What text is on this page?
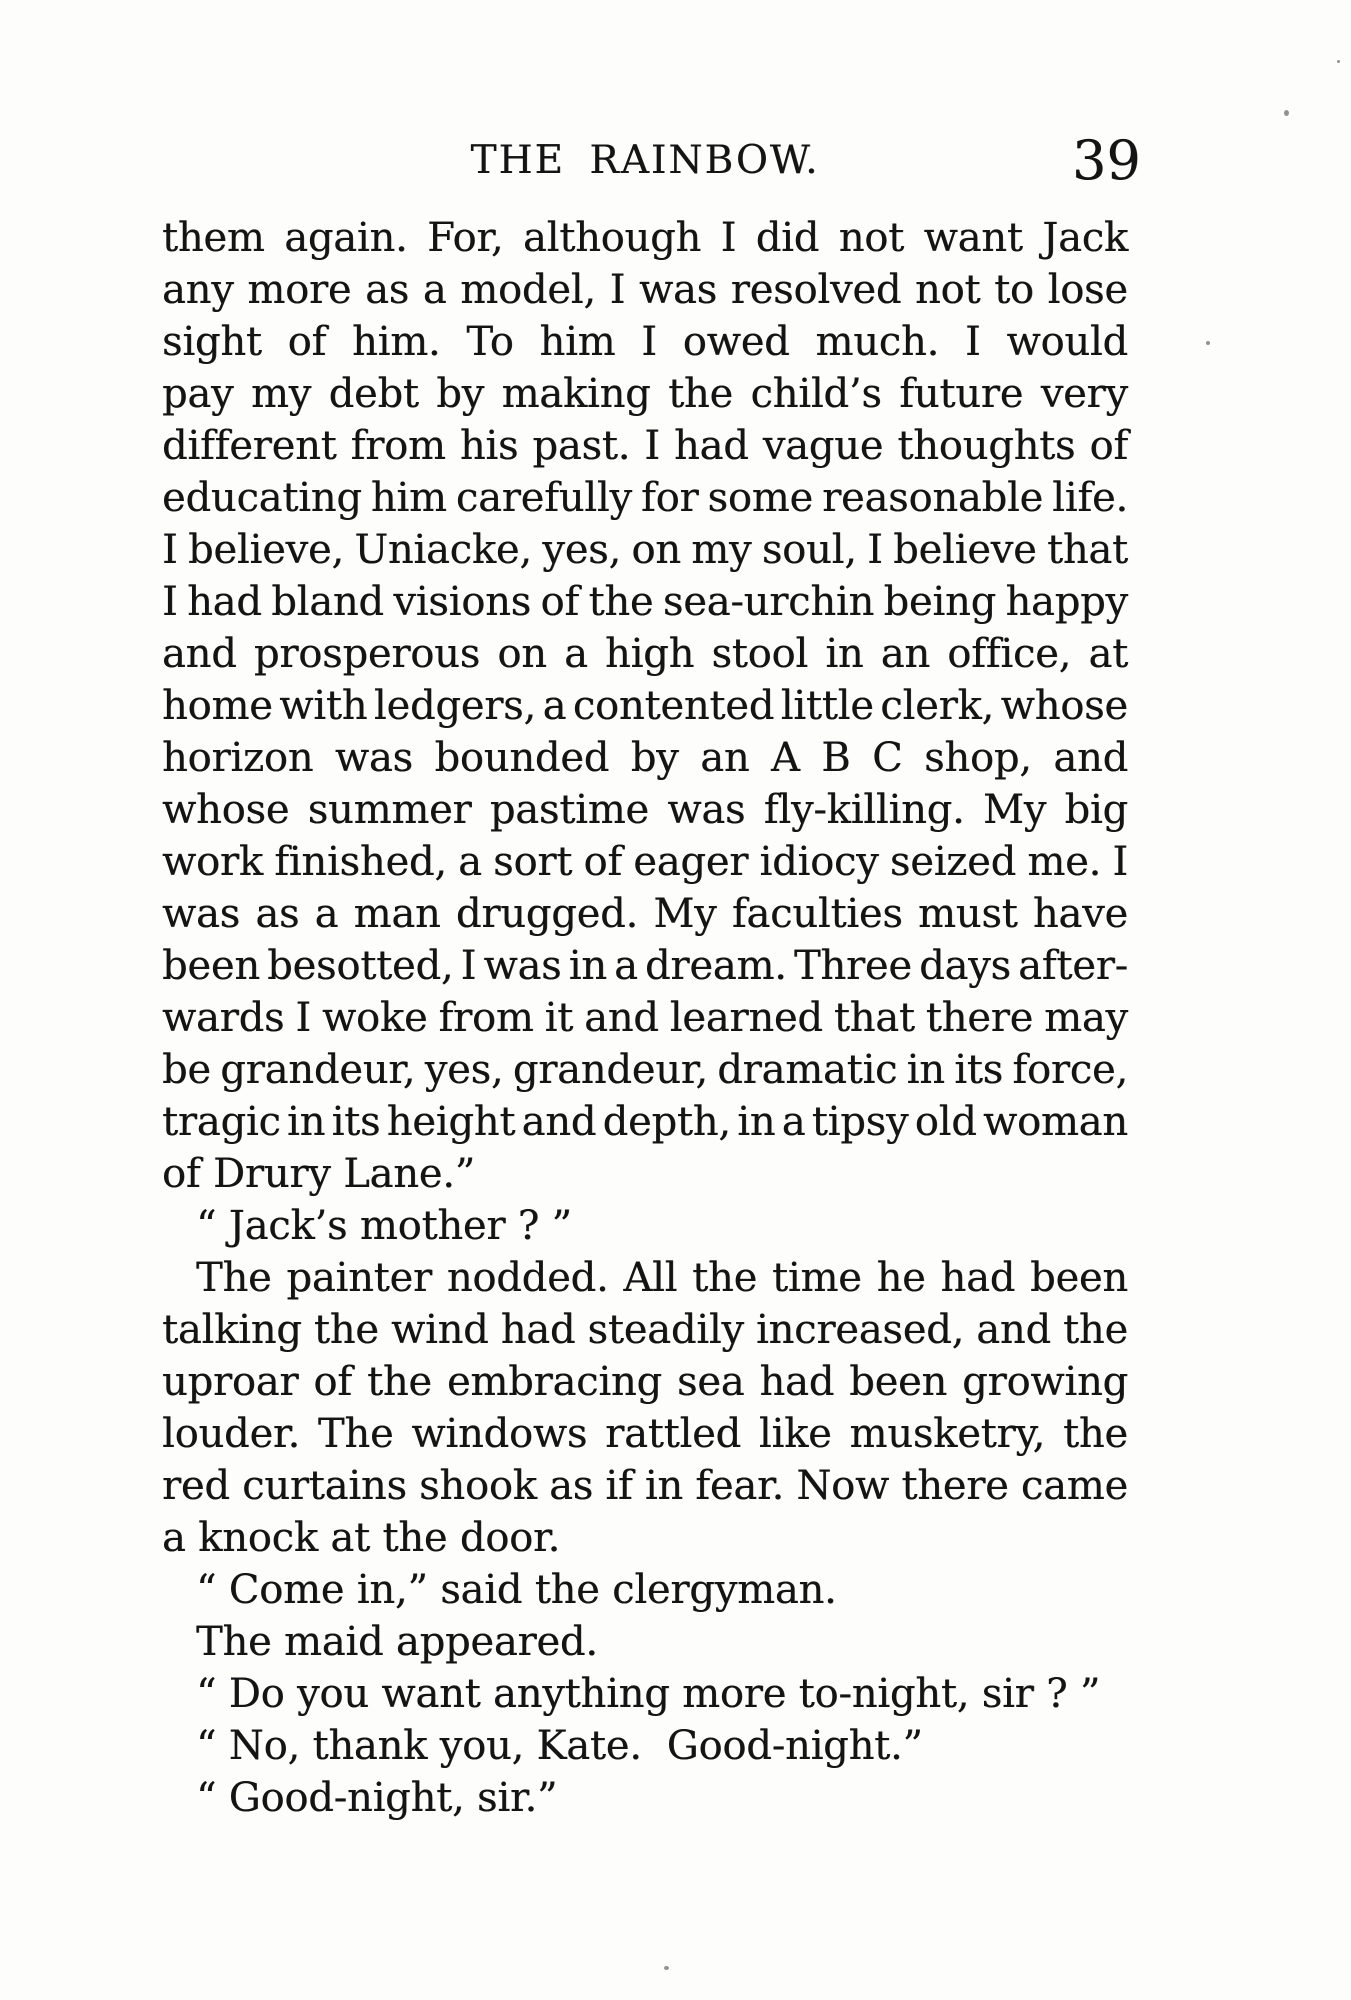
THE RAINBOW.	39
them again. For, although I did not want Jack
any more as a model, I was resolved not to lose
sight of him. To him I owed much. I would
pay my debt by making the child’s future very
different from his past. I had vague thoughts of
educating him carefully for some reasonable life.
I believe, Uniacke, yes, on my soul, I believe that
I had bland visions of the sea-urchin being happy
and prosperous on a high stool in an office, at
home with ledgers, a contented little clerk, whose
horizon was bounded by an A B C shop, and
whose summer pastime was fly-killing. My big
work finished, a sort of eager idiocy seized me. I
was as a man drugged. My faculties must have
been besotted, I was in a dream. Three days after-
wards I woke from it and learned that there may
be grandeur, yes, grandeur, dramatic in its force,
tragic in its height and depth, in a tipsy old woman
of Drury Lane.”
“ Jack’s mother ? ”
The painter nodded. All the time he had been
talking the wind had steadily increased, and the
uproar of the embracing sea had been growing
louder. The windows rattled like musketry, the
red curtains shook as if in fear. Now there came
a knock at the door.
“ Come in,” said the clergyman.
The maid appeared.
“ Do you want anything more to-night, sir ? ”
“ No, thank you, Kate.  Good-night.”
“ Good-night, sir.”
